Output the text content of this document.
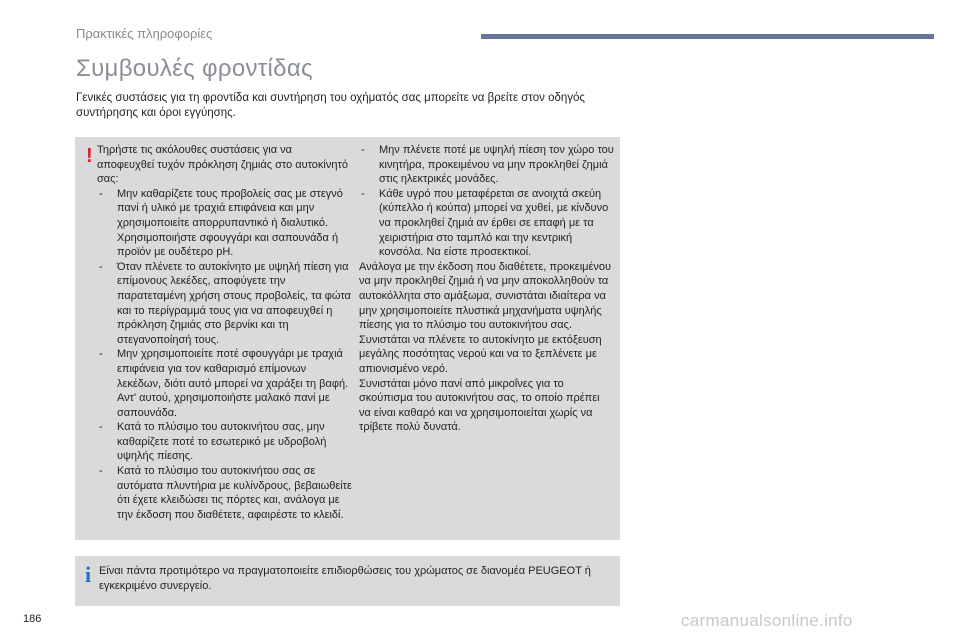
Πρακτικές πληροφορίες
Συμβουλές φροντίδας
Γενικές συστάσεις για τη φροντίδα και συντήρηση του οχήματός σας μπορείτε να βρείτε στον οδηγός συντήρησης και όροι εγγύησης.
! Τηρήστε τις ακόλουθες συστάσεις για να αποφευχθεί τυχόν πρόκληση ζημιάς στο αυτοκίνητό σας:

- Μην καθαρίζετε τους προβολείς σας με στεγνό πανί ή υλικό με τραχιά επιφάνεια και μην χρησιμοποιείτε απορρυπαντικό ή διαλυτικό. Χρησιμοποιήστε σφουγγάρι και σαπουνάδα ή προϊόν με ουδέτερο pH.

- Όταν πλένετε το αυτοκίνητο με υψηλή πίεση για επίμονους λεκέδες, αποφύγετε την παρατεταμένη χρήση στους προβολείς, τα φώτα και το περίγραμμά τους για να αποφευχθεί η πρόκληση ζημιάς στο βερνίκι και τη στεγανοποίησή τους.

- Μην χρησιμοποιείτε ποτέ σφουγγάρι με τραχιά επιφάνεια για τον καθαρισμό επίμονων λεκέδων, διότι αυτό μπορεί να χαράξει τη βαφή. Αντ' αυτού, χρησιμοποιήστε μαλακό πανί με σαπουνάδα.

- Κατά το πλύσιμο του αυτοκινήτου σας, μην καθαρίζετε ποτέ το εσωτερικό με υδροβολή υψηλής πίεσης.

- Κατά το πλύσιμο του αυτοκινήτου σας σε αυτόματα πλυντήρια με κυλίνδρους, βεβαιωθείτε ότι έχετε κλειδώσει τις πόρτες και, ανάλογα με την έκδοση που διαθέτετε, αφαιρέστε το κλειδί.

- Μην πλένετε ποτέ με υψηλή πίεση τον χώρο του κινητήρα, προκειμένου να μην προκληθεί ζημιά στις ηλεκτρικές μονάδες.

- Κάθε υγρό που μεταφέρεται σε ανοιχτά σκεύη (κύπελλο ή κούπα) μπορεί να χυθεί, με κίνδυνο να προκληθεί ζημιά αν έρθει σε επαφή με τα χειριστήρια στο ταμπλό και την κεντρική κονσόλα. Να είστε προσεκτικοί.

Ανάλογα με την έκδοση που διαθέτετε, προκειμένου να μην προκληθεί ζημιά ή να μην αποκολληθούν τα αυτοκόλλητα στο αμάξωμα, συνιστάται ιδιαίτερα να μην χρησιμοποιείτε πλυστικά μηχανήματα υψηλής πίεσης για το πλύσιμο του αυτοκινήτου σας. Συνιστάται να πλένετε το αυτοκίνητο με εκτόξευση μεγάλης ποσότητας νερού και να το ξεπλένετε με απιονισμένο νερό.

Συνιστάται μόνο πανί από μικροΐνες για το σκούπισμα του αυτοκινήτου σας, το οποίο πρέπει να είναι καθαρό και να χρησιμοποιείται χωρίς να τρίβετε πολύ δυνατά.

i Είναι πάντα προτιμότερο να πραγματοποιείτε επιδιορθώσεις του χρώματος σε διανομέα PEUGEOT ή εγκεκριμένο συνεργείο.
186	carmanualsonline.info
